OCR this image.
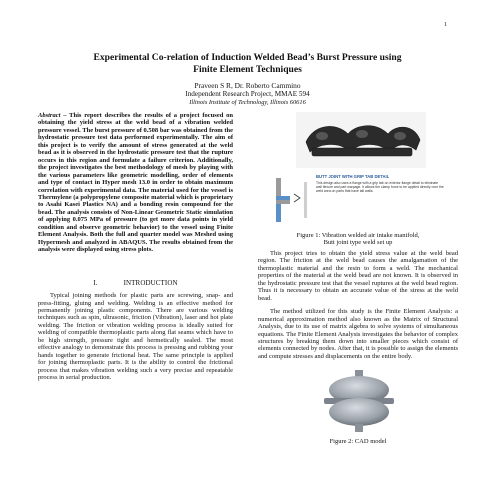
1
Experimental Co-relation of Induction Welded Bead’s Burst Pressure using
Finite Element Techniques
Praveen S R, Dr. Roberto Cammino
Independent Research Project, MMAE 594
Illinois Institute of Technology, Illinois 60616

Abstract – This report describes the results of a project focused on obtaining the yield stress at the weld bead of a vibration welded pressure vessel. The burst pressure of 0.508 bar was obtained from the hydrostatic pressure test data performed experimentally. The aim of this project is to verify the amount of stress generated at the weld bead as it is observed in the hydrostatic pressure test that the rupture occurs in this region and formulate a failure criterion. Additionally, the project investigates the best methodology of mesh by playing with the various parameters like geometric modelling, order of elements and type of contact in Hyper mesh 13.0 in order to obtain maximum correlation with experimental data. The material used for the vessel is Thermylene (a polypropylene composite material which is proprietary to Asahi Kasei Plastics NA) and a bonding resin compound for the bead. The analysis consists of Non-Linear Geometric Static simulation of applying 0.075 MPa of pressure (to get more data points in yield condition and observe geometric behavior) to the vessel using Finite Element Analysis. Both the full and quarter model was Meshed using Hypermesh and analyzed in ABAQUS. The results obtained from the analysis were displayed using stress plots.

I.	INTRODUCTION

Typical joining methods for plastic parts are screwing, snap- and press-fitting, gluing and welding. Welding is an effective method for permanently joining plastic components. There are various welding techniques such as spin, ultrasonic, friction (Vibration), laser and hot plate welding. The friction or vibration welding process is ideally suited for welding of compatible thermoplastic parts along flat seams which have to be high strength, pressure tight and hermetically sealed. The most effective analogy to demonstrate this process is pressing and rubbing your hands together to generate frictional heat. The same principle is applied for joining thermoplastic parts. It is the ability to control the frictional process that makes vibration welding such a very precise and repeatable process in serial production.

BUTT JOINT WITH GRIP TAB DETAIL
This design also uses a flange with a grip tab on exterior flange detail to eliminate wall flexure and part warpage. It allows the clamp force to be applied directly over the weld area on parts that have tall walls.
Figure 1: Vibration welded air intake manifold,
Butt joint type weld set up

This project tries to obtain the yield stress value at the weld bead region. The friction at the weld bead causes the amalgamation of the thermoplastic material and the resin to form a weld. The mechanical properties of the material at the weld bead are not known. It is observed in the hydrostatic pressure test that the vessel ruptures at the weld bead region. Thus it is necessary to obtain an accurate value of the stress at the weld bead.

The method utilized for this study is the Finite Element Analysis: a numerical approximation method also known as the Matrix of Structural Analysis, due to its use of matrix algebra to solve systems of simultaneous equations. The Finite Element Analysis investigates the behavior of complex structures by breaking them down into smaller pieces which consist of elements connected by nodes. After that, it is possible to assign the elements and compute stresses and displacements on the entire body.

Figure 2: CAD model
